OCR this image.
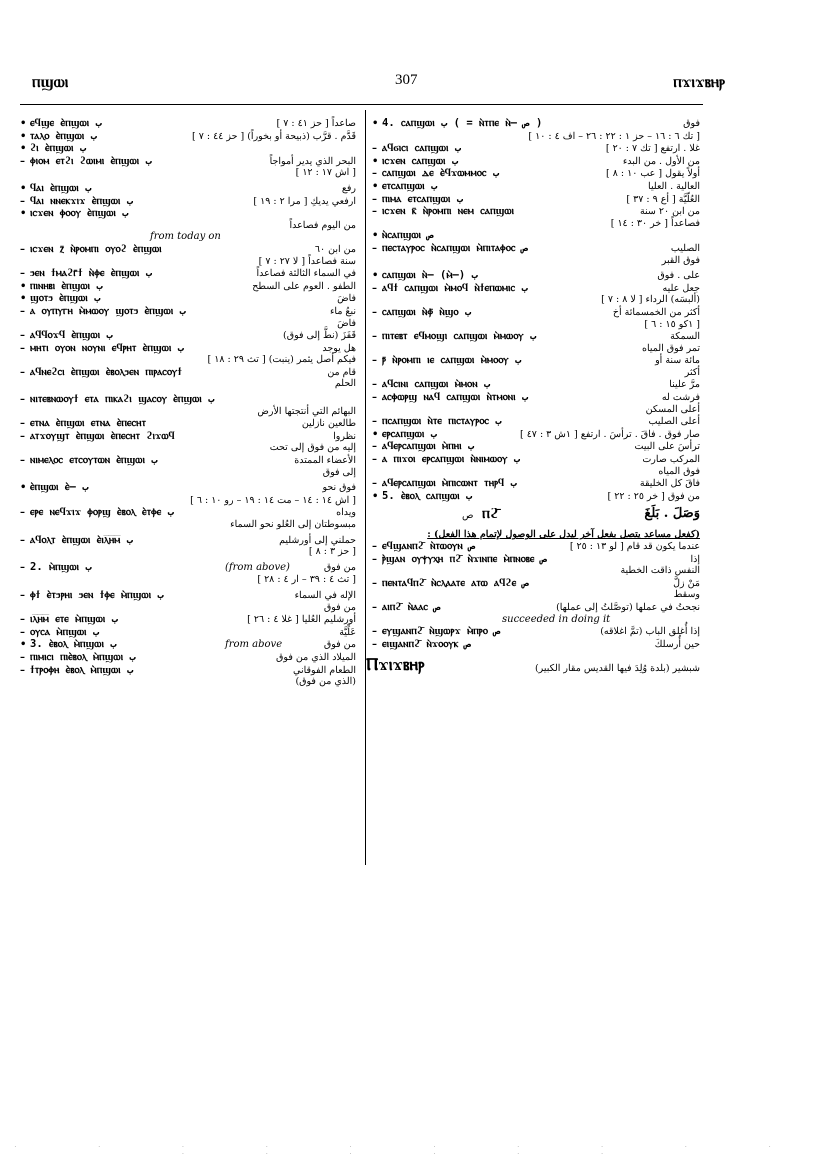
ⲡϣⲱⲓ	307	ⲡϫⲓϫⲃⲏⲣ
• ⲉϥϣⲉ ⲉ̀ⲡϣⲱⲓ ب	صاعداً [ حز ٤١ : ٧ ]
• ⲧⲁⲗⲟ ⲉ̀ⲡϣⲱⲓ ب	قَدَّم . قرَّب (ذبيحة أو بخوراً) [ حز ٤٤ : ٧ ]
• ϩⲓ ⲉ̀ⲡϣⲱⲓ ب
– ⲫⲓⲟⲙ ⲉⲧϩⲓ ϩⲱⲓⲙⲓ ⲉ̀ⲡϣⲱⲓ ب	البحر الذي يدير أمواجاً
[ اش ١٧ : ١٢ ]
• ϥⲁⲓ ⲉ̀ⲡϣⲱⲓ ب	رفع
– ϥⲁⲓ ⲛⲛⲉⲕϫⲓϫ ⲉ̀ⲡϣⲱⲓ ب	ارفعي يديكِ [ مرا ٢ : ١٩ ]
• ⲓⲥϫⲉⲛ ⲫⲟⲟⲩ ⲉ̀ⲡϣⲱⲓ ب
من اليوم فصاعداً
from today on
– ⲓⲥϫⲉⲛ ⲍ̄ ⲛ̀ⲣⲟⲙⲡⲓ ⲟⲩⲟϩ ⲉ̀ⲡϣⲱⲓ	من ابن ٦٠
سنة فصاعداً [ لا ٢٧ : ٧ ]
– ϧⲉⲛ ϯⲙⲁϩⲅ̄ϯ ⲛ̀ⲫⲉ ⲉ̀ⲡϣⲱⲓ ب	في السماء الثالثة فصاعداً
• ⲡⲓⲛⲏⲃⲓ ⲉ̀ⲡϣⲱⲓ ب	الطفو . العوم على السطح
• ϣⲟⲧϧ ⲉ̀ⲡϣⲱⲓ ب	فاضَ
– ⲁ ⲟⲩⲡⲩⲅⲏ ⲙ̀ⲙⲱⲟⲩ ϣⲟⲧϧ ⲉ̀ⲡϣⲱⲓ ب	نبعُ ماء
فاضَ
– ⲁϥϥⲟϫϥ ⲉ̀ⲡϣⲱⲓ ب	قَفَزَ (نطَّ إلى فوق)
– ⲙⲏⲧⲓ ⲟⲩⲟⲛ ⲛⲟⲩⲛⲓ ⲉϥⲣⲏⲧ ⲉ̀ⲡϣⲱⲓ ب	هل يوجد
فيكم أصل يثمر (ينبت) [ تث ٢٩ : ١٨ ]
– ⲁϥⲛⲉϩⲥⲓ ⲉ̀ⲡϣⲱⲓ ⲉ̀ⲃⲟⲗϧⲉⲛ ⲡⲓⲣⲁⲥⲟⲩϯ	قام من
الحلم
– ⲛⲓⲧⲉⲃⲛⲱⲟⲩϯ ⲉⲧⲁ ⲡⲓⲕⲁϩⲓ ϣⲁⲥⲟⲩ ⲉ̀ⲡϣⲱⲓ ب
البهائم التي أنتجتها الأرض
– ⲉⲧⲛⲁ ⲉ̀ⲡϣⲱⲓ ⲉⲧⲛⲁ ⲉ̀ⲡⲉⲥⲏⲧ	طالعين نازلين
– ⲁⲧϫⲟⲩϣⲧ ⲉ̀ⲡϣⲱⲓ ⲉ̀ⲡⲉⲥⲏⲧ ϩⲓϫⲱϥ	نظروا
إليه من فوق إلى تحت
– ⲛⲓⲙⲉⲗⲟⲥ ⲉⲧⲥⲟⲩⲧⲱⲛ ⲉ̀ⲡϣⲱⲓ ب	الأعضاء الممتدة
إلى فوق
• ⲉ̀ⲡϣⲱⲓ ⲉ̀– ب	فوق نحو
[ اش ١٤ : ١٤ – مت ١٤ : ١٩ – رو ١٠ : ٦ ]
– ⲉⲣⲉ ⲛⲉϥϫⲓϫ ⲫⲟⲣϣ ⲉ̀ⲃⲟⲗ ⲉ̀ⲧⲫⲉ ب	ويداه
مبسوطتان إلى العُلو نحو السماء
– ⲁϥⲟⲗⲧ ⲉ̀ⲡϣⲱⲓ ⲉ̀ⲓⲗ̅ⲏ̅ⲙ̅ ب	حملني إلى أورشليم
[ حز ٣ : ٨ ]
– 2. ⲙ̀ⲡϣⲱⲓ ب	من فوق
(from above)
[ تث ٤ : ٣٩ – ار ٤ : ٢٨ ]
– ⲫϯ ⲉ̀ⲧϧⲣⲏⲓ ϧⲉⲛ ϯⲫⲉ ⲙ̀ⲡϣⲱⲓ ب	الإله في السماء
من فوق
– ⲓⲗ̅ⲏ̅ⲙ̅ ⲉⲧⲉ ⲙ̀ⲡϣⲱⲓ ب	أورشليم العُليا [ غلا ٤ : ٢٦ ]
– ⲟⲩⲥⲁ ⲙ̀ⲡϣⲱⲓ ب	عَلِّيَّة
• 3. ⲉ̀ⲃⲟⲗ ⲙ̀ⲡϣⲱⲓ ب	من فوق
from above
– ⲡⲓⲙⲓⲥⲓ ⲡⲓⲉ̀ⲃⲟⲗ ⲙ̀ⲡϣⲱⲓ ب	الميلاد الذي من فوق
– ϯⲧⲣⲟⲫⲏ ⲉ̀ⲃⲟⲗ ⲙ̀ⲡϣⲱⲓ ب	الطعام الفوقاني
(الذي من فوق)
• 4. ⲥⲁⲡϣⲱⲓ ب ( = ⲛ̀ⲧⲡⲉ ⲛ̀– ص )	فوق
[ تك ٦ : ١٦ – حز ١ : ٢٢ : ٢٦ – اف ٤ : ١٠ ]
– ⲁϥϭⲓⲥⲓ ⲥⲁⲡϣⲱⲓ ب	غلا . ارتفع [ تك ٧ : ٢٠ ]
• ⲓⲥϫⲉⲛ ⲥⲁⲡϣⲱⲓ ب	من الأول . من البدء
– ⲥⲁⲡϣⲱⲓ ⲇⲉ ⲉ̀ϥϫⲱⲙⲙⲟⲥ ب	أولاً يقول [ عب ١٠ : ٨ ]
• ⲉⲧⲥⲁⲡϣⲱⲓ ب	العالية . العليا
– ⲡⲓⲙⲁ ⲉⲧⲥⲁⲡϣⲱⲓ ب	العُلّيَّة [ أع ٩ : ٣٧ ]
– ⲓⲥϫⲉⲛ ⲕ̄ ⲛ̀ⲣⲟⲙⲡⲓ ⲛⲉⲙ ⲥⲁⲡϣⲱⲓ	من ابن ٢٠ سنة
فصاعداً [ خر ٣٠ : ١٤ ]
• ⲛ̀ⲥⲁⲡϣⲱⲓ ص
– ⲡⲉⲥⲧⲁⲩⲣⲟⲥ ⲛ̀ⲥⲁⲡϣⲱⲓ ⲙ̀ⲡⲓⲧⲁⲫⲟⲥ ص	الصليب
فوق القبر
• ⲥⲁⲡϣⲱⲓ ⲛ̀– (ⲙ̀–) ب	على . فوق
– ⲁϥϯ ⲥⲁⲡϣⲱⲓ ⲙ̀ⲙⲟϥ ⲛ̀ϯⲉⲡⲱⲙⲓⲥ ب	جعل عليه
(ألبسَه) الرداء [ لا ٨ : ٧ ]
– ⲥⲁⲡϣⲱⲓ ⲛ̀ⲫ̄ ⲛ̀ϣⲟ ب	أكثر من الخمسمائة أخ
[ ١كو ١٥ : ٦ ]
– ⲡⲓⲧⲉⲃⲧ ⲉϥⲙⲟϣⲓ ⲥⲁⲡϣⲱⲓ ⲙ̀ⲙⲱⲟⲩ ب	السمكة
تمر فوق المياه
– ⲣ̄ ⲛ̀ⲣⲟⲙⲡⲓ ⲓⲉ ⲥⲁⲡϣⲱⲓ ⲙ̀ⲙⲟⲟⲩ ب	مائة سنة أو
أكثر
– ⲁϥⲥⲓⲛⲓ ⲥⲁⲡϣⲱⲓ ⲙ̀ⲙⲟⲛ ب	مرَّ علينا
– ⲁⲥⲫⲱⲣϣ ⲛⲁϥ ⲥⲁⲡϣⲱⲓ ⲛ̀ⲧⲙⲟⲛⲓ ب	فرشت له
أعلى المسكن
– ⲡⲥⲁⲡϣⲱⲓ ⲛ̀ⲧⲉ ⲡⲓⲥⲧⲁⲩⲣⲟⲥ ب	أعلى الصليب
• ⲉⲣⲥⲁⲡϣⲱⲓ ب	صار فوق . فاقَ . ترأسَ . ارتفع [ ١ش ٣ : ٤٧ ]
– ⲁϥⲉⲣⲥⲁⲡϣⲱⲓ ⲙ̀ⲡⲏⲓ ب	ترأسَ على البيت
– ⲁ ⲡⲓϫⲟⲓ ⲉⲣⲥⲁⲡϣⲱⲓ ⲛ̀ⲛⲓⲙⲱⲟⲩ ب	المركب صارت
فوق المياه
– ⲁϥⲉⲣⲥⲁⲡϣⲱⲓ ⲙ̀ⲡⲓⲥⲱⲛⲧ ⲧⲏⲣϥ ب	فاقَ كل الخليقة
• 5. ⲉ̀ⲃⲟⲗ ⲥⲁⲡϣⲱⲓ ب	من فوق [ خر ٢٥ : ٢٢ ]
ⲡϩ̄	وَصَلَ . بَلَغَ
ص
(كفعل مساعد يتصل بفعل آخر ليدل على الوصول لإتمام هذا الفعل) :
– ⲉϥϣⲁⲛⲡϩ̄ ⲛ̀ⲧⲱⲟⲩⲛ ص	عندما يكون قد قام [ لو ١٣ : ٢٥ ]
– ⲣ̀ϣⲁⲛ ⲟⲩⲯⲩⲭⲏ ⲡϩ̄ ⲛ̀ϫⲓⲛⲡⲉ ⲙ̀ⲡⲛⲟⲃⲉ ص	إذا
النفس ذاقت الخطية
– ⲡⲉⲛⲧⲁϥⲡϩ̄ ⲛ̀ⲥⲗⲁⲁⲧⲉ ⲁⲧⲱ ⲁϥϩⲉ ص	مَنْ زلَّ
وسقط
– ⲁⲓⲡϩ̄ ⲛ̀ⲁⲁⲥ ص	نجحتُ في عملها (توصَّلتُ إلى عملها)
succeeded in doing it
– ⲉⲩϣⲁⲛⲡϩ̄ ⲛ̀ϣⲱⲣϫ ⲙ̀ⲡⲣⲟ ص	إذا أُغلق الباب (تمَّ اغلاقه)
– ⲉⲓϣⲁⲛⲡϩ̄ ⲛ̀ϫⲟⲟⲩⲕ ص	حين أُرسلكَ
Ⲡϫⲓϫⲃⲏⲣ	شبشير (بلدة وُلِدَ فيها القديس مقار الكبير)
· · · · · · · · · · · · · · · ·
